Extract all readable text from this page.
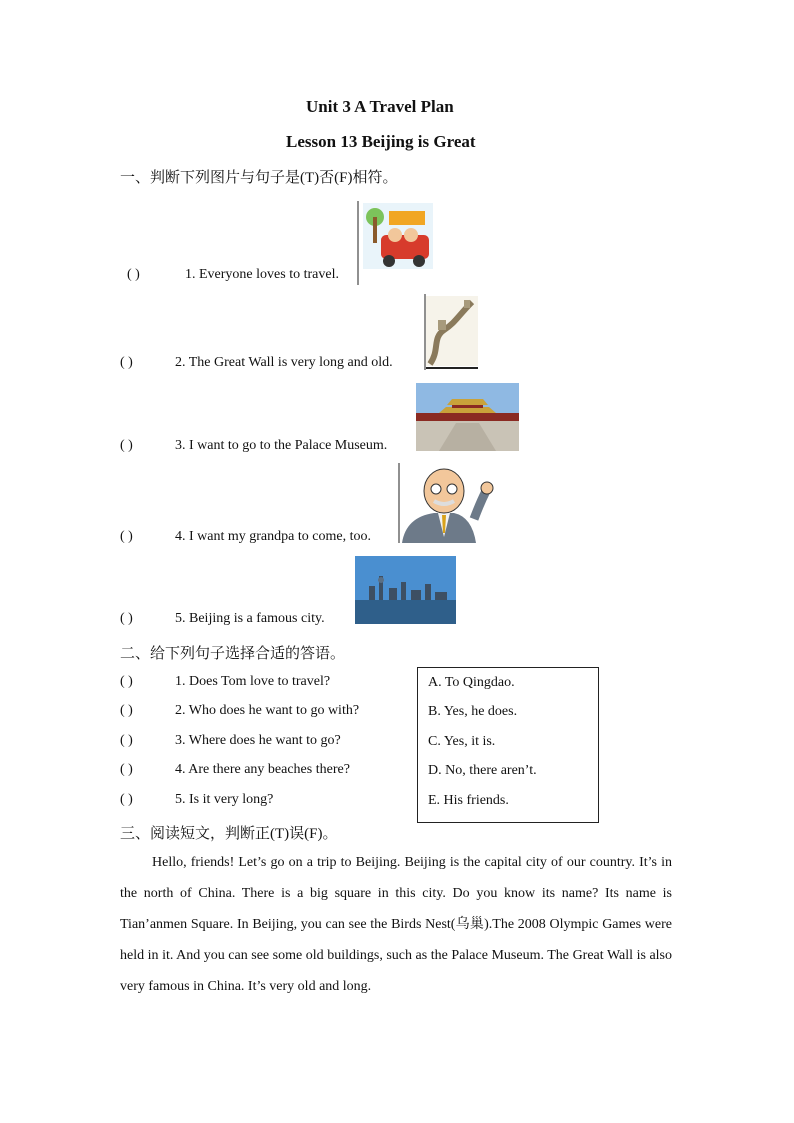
Unit 3 A Travel Plan
Lesson 13 Beijing is Great
一、判断下列图片与句子是(T)否(F)相符。
( )	1. Everyone loves to travel.
( )	2. The Great Wall is very long and old.
( )	3. I want to go to the Palace Museum.
( )	4. I want my grandpa to come, too.
( )	5. Beijing is a famous city.
二、给下列句子选择合适的答语。
( )	1. Does Tom love to travel?
( )	2. Who does he want to go with?
( )	3. Where does he want to go?
( )	4. Are there any beaches there?
( )	5. Is it very long?
A. To Qingdao.
B. Yes, he does.
C. Yes, it is.
D. No, there aren’t.
E. His friends.
三、阅读短文，判断正(T)误(F)。
Hello, friends! Let’s go on a trip to Beijing. Beijing is the capital city of our country. It’s in the north of China. There is a big square in this city. Do you know its name? Its name is Tian’anmen Square. In Beijing, you can see the Birds Nest(乌巢).The 2008 Olympic Games were held in it. And you can see some old buildings, such as the Palace Museum. The Great Wall is also very famous in China. It’s very old and long.
